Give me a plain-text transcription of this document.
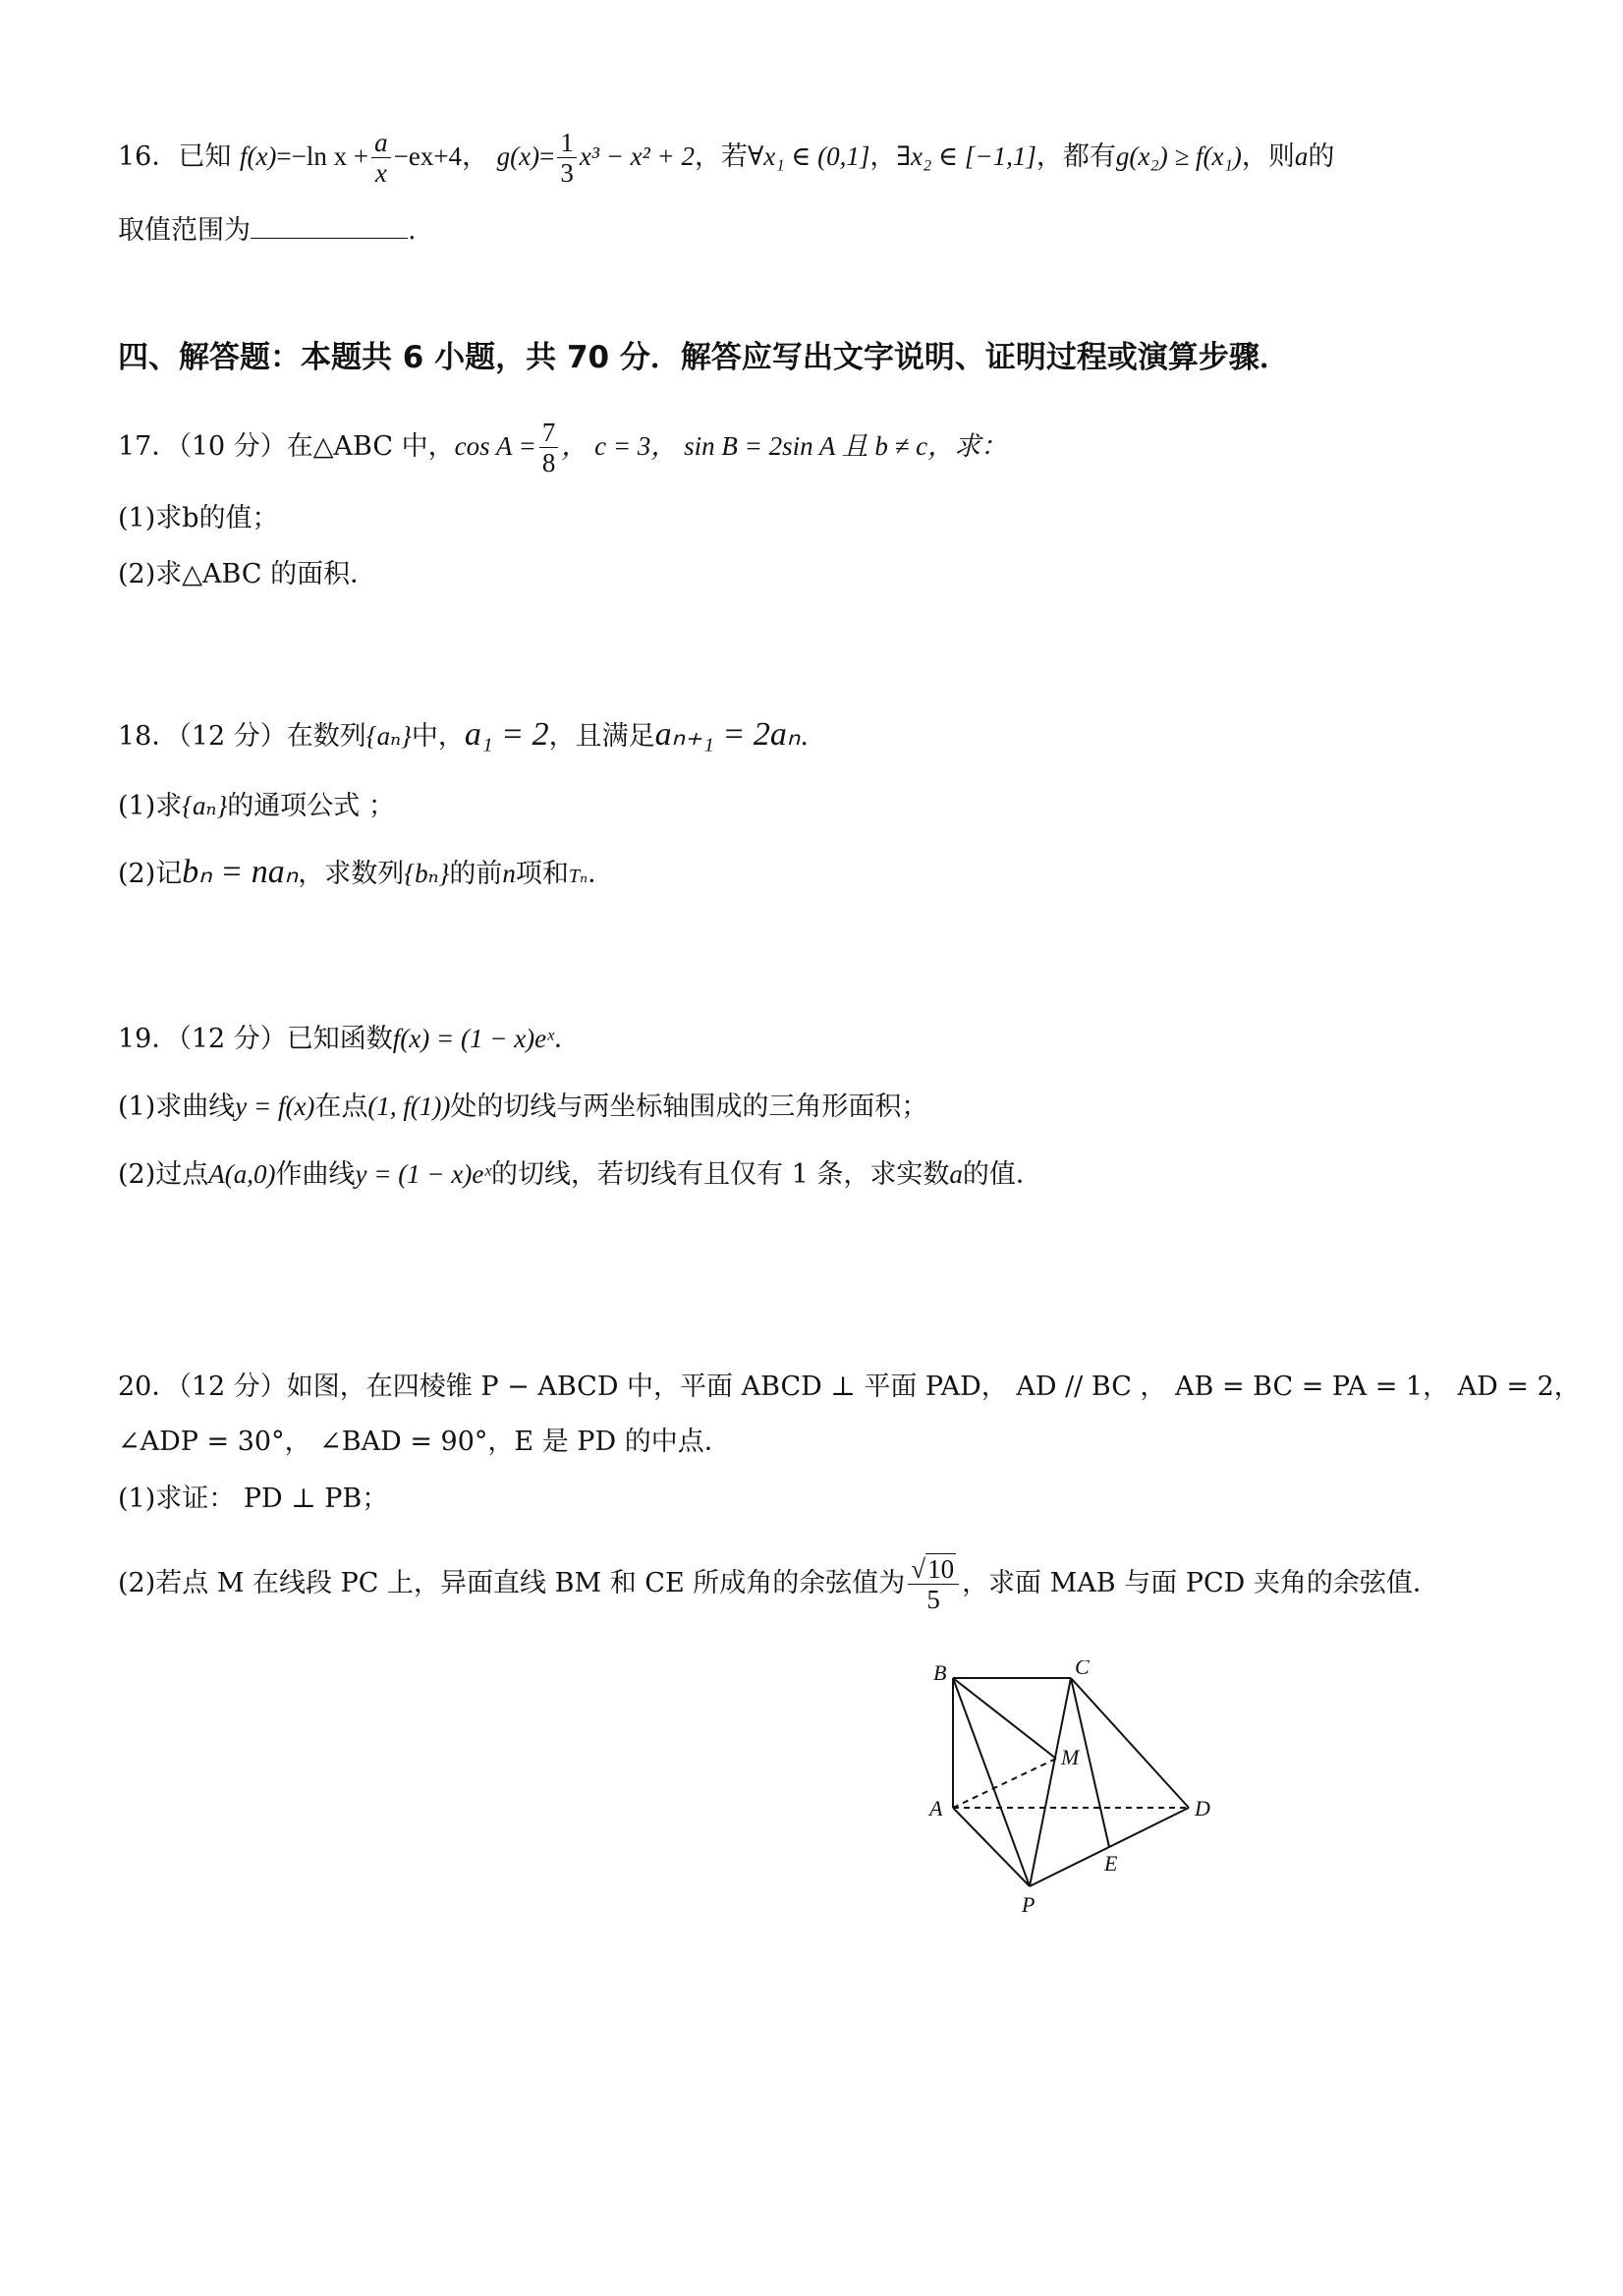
16．已知 f(x)=−ln $x + \frac{a}{x} -ex+4$， $g(x)= \frac{1}{3} x^3 - x^2 + 2$，若∀x₁ ∈ (0,1]，∃x₂ ∈ [−1,1]，都有g(x₂) ≥ f(x₁)，则a的
取值范围为	.
四、解答题：本题共 6 小题，共 70 分．解答应写出文字说明、证明过程或演算步骤．
17．（10 分）在△ABC 中，$\cos A = \frac{7}{8}$ ， c = 3， sin B = 2sin A 且 b ≠ c，求：
(1)求b的值；
(2)求△ABC 的面积．
18．（12 分）在数列{aₙ}中，a₁ = 2，且满足aₙ₊₁ = 2aₙ.
(1)求{aₙ}的通项公式 ；
(2)记bₙ = naₙ，求数列{bₙ}的前n项和Tₙ．
19．（12 分）已知函数f(x) = (1 − x)eˣ．
(1)求曲线y = f(x)在点(1, f(1))处的切线与两坐标轴围成的三角形面积；
(2)过点A(a,0)作曲线y = (1 − x)eˣ的切线，若切线有且仅有 1 条，求实数a的值．
20．（12 分）如图，在四棱锥 P − ABCD 中，平面 ABCD ⊥ 平面 PAD， AD // BC ， AB = BC = PA = 1， AD = 2，
∠ADP = 30°， ∠BAD = 90°，E 是 PD 的中点．
(1)求证： PD ⊥ PB；
(2)若点 M 在线段 PC 上，异面直线 BM 和 CE 所成角的余弦值为 $\frac{√10}{5}$ ，求面 MAB 与面 PCD 夹角的余弦值．
B	C
M
A	D
E
P
